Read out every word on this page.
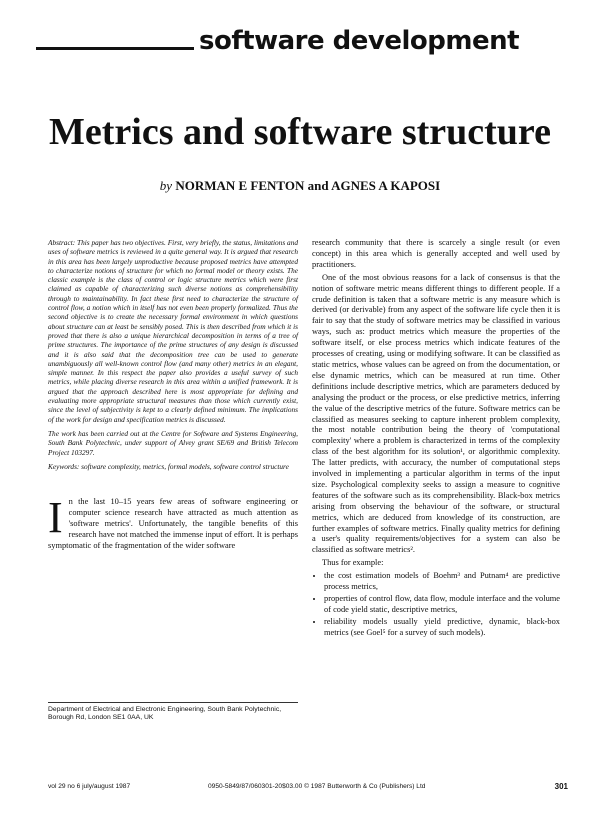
software development
Metrics and software structure
by NORMAN E FENTON and AGNES A KAPOSI

Abstract: This paper has two objectives. First, very briefly, the status, limitations and uses of software metrics is reviewed in a quite general way. It is argued that research in this area has been largely unproductive because proposed metrics have attempted to characterize notions of structure for which no formal model or theory exists. The classic example is the class of control or logic structure metrics which were first claimed as capable of characterizing such diverse notions as comprehensibility through to maintainability. In fact these first need to characterize the structure of control flow, a notion which in itself has not even been properly formalized. Thus the second objective is to create the necessary formal environment in which questions about structure can at least be sensibly posed. This is then described from which it is proved that there is also a unique hierarchical decomposition in terms of a tree of prime structures. The importance of the prime structures of any design is discussed and it is also said that the decomposition tree can be used to generate unambiguously all well-known control flow (and many other) metrics in an elegant, simple manner. In this respect the paper also provides a useful survey of such metrics, while placing diverse research in this area within a unified framework. It is argued that the approach described here is most appropriate for defining and evaluating more appropriate structural measures than those which currently exist, since the level of subjectivity is kept to a clearly defined minimum. The implications of the work for design and specification metrics is discussed.

The work has been carried out at the Centre for Software and Systems Engineering, South Bank Polytechnic, under support of Alvey grant SE/69 and British Telecom Project 103297.

Keywords: software complexity, metrics, formal models, software control structure

I n the last 10–15 years few areas of software engineering or computer science research have attracted as much attention as 'software metrics'. Unfortunately, the tangible benefits of this research have not matched the immense input of effort. It is perhaps symptomatic of the fragmentation of the wider software
Department of Electrical and Electronic Engineering, South Bank Polytechnic, Borough Rd, London SE1 0AA, UK

research community that there is scarcely a single result (or even concept) in this area which is generally accepted and well used by practitioners.

One of the most obvious reasons for a lack of consensus is that the notion of software metric means different things to different people. If a crude definition is taken that a software metric is any measure which is derived (or derivable) from any aspect of the software life cycle then it is fair to say that the study of software metrics may be classified in various ways, such as: product metrics which measure the properties of the software itself, or else process metrics which indicate features of the processes of creating, using or modifying software. It can be classified as static metrics, whose values can be agreed on from the documentation, or else dynamic metrics, which can be measured at run time. Other definitions include descriptive metrics, which are parameters deduced by analysing the product or the process, or else predictive metrics, inferring the value of the descriptive metrics of the future. Software metrics can be classified as measures seeking to capture inherent problem complexity, the most notable contribution being the theory of 'computational complexity' where a problem is characterized in terms of the complexity class of the best algorithm for its solution¹, or algorithmic complexity. The latter predicts, with accuracy, the number of computational steps involved in implementing a particular algorithm in terms of the input size. Psychological complexity seeks to assign a measure to cognitive features of the software such as its comprehensibility. Black-box metrics arising from observing the behaviour of the software, or structural metrics, which are deduced from knowledge of its construction, are further examples of software metrics. Finally quality metrics for defining a user's quality requirements/objectives for a system can also be classified as software metrics².

Thus for example:

• the cost estimation models of Boehm³ and Putnam⁴ are predictive process metrics,
• properties of control flow, data flow, module interface and the volume of code yield static, descriptive metrics,
• reliability models usually yield predictive, dynamic, black-box metrics (see Goel⁵ for a survey of such models).
vol 29 no 6 july/august 1987	0950-5849/87/060301-20$03.00 © 1987 Butterworth & Co (Publishers) Ltd	301
